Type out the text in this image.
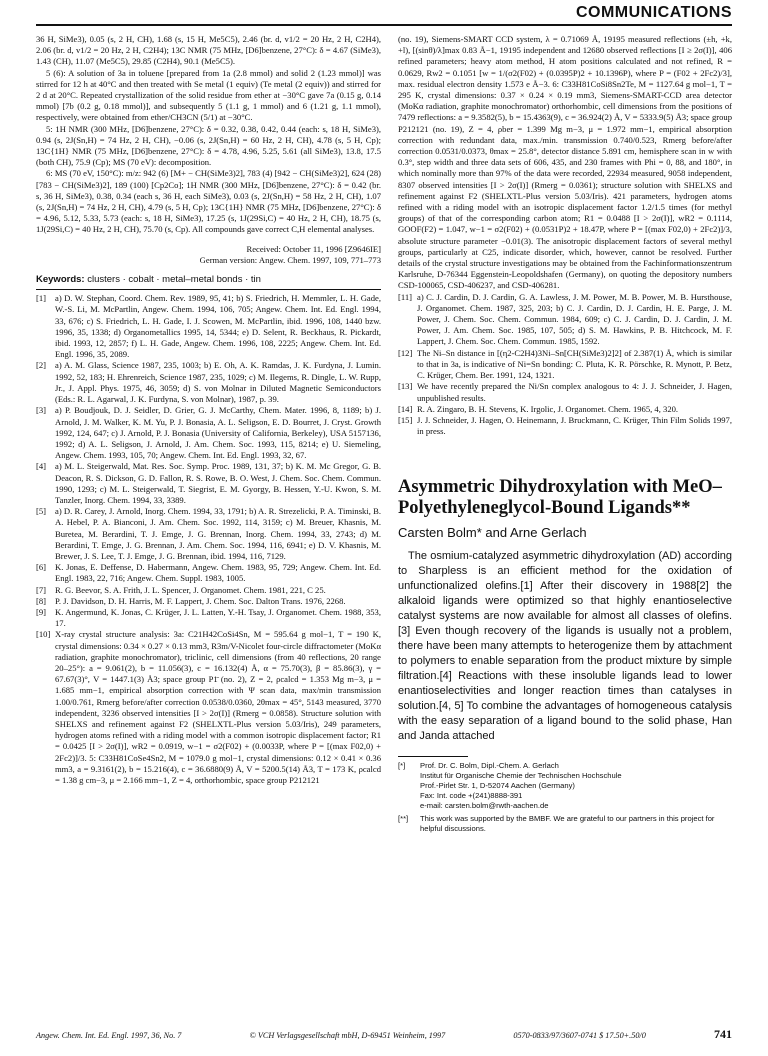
COMMUNICATIONS

36 H, SiMe3), 0.05 (s, 2 H, CH), 1.68 (s, 15 H, Me5C5), 2.46 (br. d, v1/2 = 20 Hz, 2 H, C2H4), 2.06 (br. d, v1/2 = 20 Hz, 2 H, C2H4); 13C NMR (75 MHz, [D6]benzene, 27°C): δ = 4.67 (SiMe3), 1.43 (CH), 11.07 (Me5C5), 29.85 (C2H4), 90.1 (Me5C5).

5 (6): A solution of 3a in toluene [prepared from 1a (2.8 mmol) and solid 2 (1.23 mmol)] was stirred for 12 h at 40°C and then treated with Se metal (1 equiv) (Te metal (2 equiv)) and stirred for 2 d at 20°C. Repeated crystallization of the solid residue from ether at −30°C gave 7a (0.15 g, 0.14 mmol) [7b (0.2 g, 0.18 mmol)], and subsequently 5 (1.1 g, 1 mmol) and 6 (1.21 g, 1.1 mmol), respectively, were obtained from ether/CH3CN (5/1) at −30°C.

5: 1H NMR (300 MHz, [D6]benzene, 27°C): δ = 0.32, 0.38, 0.42, 0.44 (each: s, 18 H, SiMe3), 0.94 (s, 2J(Sn,H) = 74 Hz, 2 H, CH), −0.06 (s, 2J(Sn,H) = 60 Hz, 2 H, CH), 4.78 (s, 5 H, Cp); 13C{1H} NMR (75 MHz, [D6]benzene, 27°C): δ = 4.78, 4.96, 5.25, 5.61 (all SiMe3), 13.8, 17.5 (both CH), 75.9 (Cp); MS (70 eV): decomposition.

6: MS (70 eV, 150°C): m/z: 942 (6) [M+ − CH(SiMe3)2], 783 (4) [942 − CH(SiMe3)2], 624 (28) [783 − CH(SiMe3)2], 189 (100) [Cp2Co]; 1H NMR (300 MHz, [D6]benzene, 27°C): δ = 0.42 (br. s, 36 H, SiMe3), 0.38, 0.34 (each s, 36 H, each SiMe3), 0.03 (s, 2J(Sn,H) = 58 Hz, 2 H, CH), 1.07 (s, 2J(Sn,H) = 74 Hz, 2 H, CH), 4.79 (s, 5 H, Cp); 13C{1H} NMR (75 MHz, [D6]benzene, 27°C): δ = 4.96, 5.12, 5.33, 5.73 (each: s, 18 H, SiMe3), 17.25 (s, 1J(29Si,C) = 40 Hz, 2 H, CH), 18.75 (s, 1J(29Si,C) = 40 Hz, 2 H, CH), 75.70 (s, Cp). All compounds gave correct C,H elemental analyses.

Received: October 11, 1996 [Z9646IE]

German version: Angew. Chem. 1997, 109, 771–773

Keywords: clusters · cobalt · metal–metal bonds · tin
[1] a) D. W. Stephan, Coord. Chem. Rev. 1989, 95, 41; b) S. Friedrich, H. Memmler, L. H. Gade, W.-S. Li, M. McPartlin, Angew. Chem. 1994, 106, 705; Angew. Chem. Int. Ed. Engl. 1994, 33, 676; c) S. Friedrich, L. H. Gade, I. J. Scowen, M. McPartlin, ibid. 1996, 108, 1440 bzw. 1996, 35, 1338; d) Organometallics 1995, 14, 5344; e) D. Selent, R. Beckhaus, R. Pickardt, ibid. 1993, 12, 2857; f) L. H. Gade, Angew. Chem. 1996, 108, 2225; Angew. Chem. Int. Ed. Engl. 1996, 35, 2089.
[2] a) A. M. Glass, Science 1987, 235, 1003; b) E. Oh, A. K. Ramdas, J. K. Furdyna, J. Lumin. 1992, 52, 183; H. Ehrenreich, Science 1987, 235, 1029; c) M. Ilegems, R. Dingle, L. W. Rupp, Jr., J. Appl. Phys. 1975, 46, 3059; d) S. von Molnar in Diluted Magnetic Semiconductors (Eds.: R. L. Agarwal, J. K. Furdyna, S. von Molnar), 1987, p. 39.
[3] a) P. Boudjouk, D. J. Seidler, D. Grier, G. J. McCarthy, Chem. Mater. 1996, 8, 1189; b) J. Arnold, J. M. Walker, K. M. Yu, P. J. Bonasia, A. L. Seligson, E. D. Bourret, J. Cryst. Growth 1992, 124, 647; c) J. Arnold, P. J. Bonasia (University of California, Berkeley), USA 5157136, 1992; d) A. L. Seligson, J. Arnold, J. Am. Chem. Soc. 1993, 115, 8214; e) U. Siemeling, Angew. Chem. 1993, 105, 70; Angew. Chem. Int. Ed. Engl. 1993, 32, 67.
[4] a) M. L. Steigerwald, Mat. Res. Soc. Symp. Proc. 1989, 131, 37; b) K. M. Mc Gregor, G. B. Deacon, R. S. Dickson, G. D. Fallon, R. S. Rowe, B. O. West, J. Chem. Soc. Chem. Commun. 1990, 1293; c) M. L. Steigerwald, T. Siegrist, E. M. Gyorgy, B. Hessen, Y.-U. Kwon, S. M. Tanzler, Inorg. Chem. 1994, 33, 3389.
[5] a) D. R. Carey, J. Arnold, Inorg. Chem. 1994, 33, 1791; b) A. R. Strezelicki, P. A. Timinski, B. A. Hebel, P. A. Bianconi, J. Am. Chem. Soc. 1992, 114, 3159; c) M. Breuer, Khasnis, M. Buretea, M. Berardini, T. J. Emge, J. G. Brennan, Inorg. Chem. 1994, 33, 2743; d) M. Berardini, T. Emge, J. G. Brennan, J. Am. Chem. Soc. 1994, 116, 6941; e) D. V. Khasnis, M. Brewer, J. S. Lee, T. J. Emge, J. G. Brennan, ibid. 1994, 116, 7129.
[6] K. Jonas, E. Deffense, D. Habermann, Angew. Chem. 1983, 95, 729; Angew. Chem. Int. Ed. Engl. 1983, 22, 716; Angew. Chem. Suppl. 1983, 1005.
[7] R. G. Beevor, S. A. Frith, J. L. Spencer, J. Organomet. Chem. 1981, 221, C 25.
[8] P. J. Davidson, D. H. Harris, M. F. Lappert, J. Chem. Soc. Dalton Trans. 1976, 2268.
[9] K. Angermund, K. Jonas, C. Krüger, J. L. Latten, Y.-H. Tsay, J. Organomet. Chem. 1988, 353, 17.
[10] X-ray crystal structure analysis: 3a: C21H42CoSi4Sn, M = 595.64 g mol−1, T = 190 K, crystal dimensions: 0.34 × 0.27 × 0.13 mm3, R3m/V-Nicolet four-circle diffractometer (MoKα radiation, graphite monochromator), triclinic, cell dimensions (from 40 reflections, 20 range 20–25°): a = 9.061(2), b = 11.056(3), c = 16.132(4) Å, α = 75.70(3), β = 85.86(3), γ = 67.67(3)°, V = 1447.1(3) Å3; space group P1̄ (no. 2), Z = 2, ρcalcd = 1.353 Mg m−3, μ = 1.685 mm−1, empirical absorption correction with Ψ scan data, max/min transmission 1.00/0.761, Rmerg before/after correction 0.0538/0.0360, 2θmax = 45°, 5143 measured, 3770 independent, 3236 observed intensities [I > 2σ(I)] (Rmerg = 0.0858). Structure solution with SHELXS and refinement against F2 (SHELXTL-Plus version 5.03/Iris), 249 parameters, hydrogen atoms refined with a riding model with a common isotropic displacement factor; R1 = 0.0425 [I > 2σ(I)], wR2 = 0.0919, w−1 = σ2(F02) + (0.0033P, where P = [(max F02,0) + 2Fc2)]/3. 5: C33H81CoSe4Sn2, M = 1079.0 g mol−1, crystal dimensions: 0.12 × 0.41 × 0.36 mm3, a = 9.3161(2), b = 15.216(4), c = 36.6880(9) Å, V = 5200.5(14) Å3, T = 173 K, ρcalcd = 1.38 g cm−3, μ = 2.166 mm−1, Z = 4, orthorhombic, space group P212121

(no. 19), Siemens-SMART CCD system, λ = 0.71069 Å, 19195 measured reflections (±h, +k, +l), [(sinθ)/λ]max 0.83 Å−1, 19195 independent and 12680 observed reflections [I ≥ 2σ(I)], 406 refined parameters; heavy atom method, H atom positions calculated and not refined, R = 0.0629, Rw2 = 0.1051 [w = 1/(σ2(F02) + (0.0395P)2 + 10.1396P), where P = (F02 + 2Fc2)/3], max. residual electron density 1.573 e Å−3. 6: C33H81CoSi8Sn2Te, M = 1127.64 g mol−1, T = 295 K, crystal dimensions: 0.37 × 0.24 × 0.19 mm3, Siemens-SMART-CCD area detector (MoKα radiation, graphite monochromator) orthorhombic, cell dimensions from the positions of 7479 reflections: a = 9.3582(5), b = 15.4363(9), c = 36.924(2) Å, V = 5333.9(5) Å3; space group P212121 (no. 19), Z = 4, ρber = 1.399 Mg m−3, μ = 1.972 mm−1, empirical absorption correction with redundant data, max./min. transmission 0.740/0.523, Rmerg before/after correction 0.0531/0.0373, θmax = 25.8°, detector distance 5.891 cm, hemisphere scan in w with 0.3°, step width and three data sets of 606, 435, and 230 frames with Phi = 0, 88, and 180°, in which nominally more than 97% of the data were recorded, 22934 measured, 9058 independent, 8307 observed intensities [I > 2σ(I)] (Rmerg = 0.0361); structure solution with SHELXS and refinement against F2 (SHELXTL-Plus version 5.03/Iris). 421 parameters, hydrogen atoms refined with a riding model with an isotropic displacement factor 1.2/1.5 times (for methyl groups) of that of the corresponding carbon atom; R1 = 0.0488 [I > 2σ(I)], wR2 = 0.1114, GOOF(F2) = 1.047, w−1 = σ2(F02) + (0.0531P)2 + 18.47P, where P = [(max F02,0) + 2Fc2)]/3, absolute structure parameter −0.01(3). The anisotropic displacement factors of several methyl groups, particularly at C25, indicate disorder, which, however, cannot be resolved. Further details of the crystal structure investigations may be obtained from the Fachinformationszentrum Karlsruhe, D-76344 Eggenstein-Leopoldshafen (Germany), on quoting the depository numbers CSD-100065, CSD-406237, and CSD-406281.

[11] a) C. J. Cardin, D. J. Cardin, G. A. Lawless, J. M. Power, M. B. Power, M. B. Hursthouse, J. Organomet. Chem. 1987, 325, 203; b) C. J. Cardin, D. J. Cardin, H. E. Parge, J. M. Power, J. Chem. Soc. Chem. Commun. 1984, 609; c) C. J. Cardin, D. J. Cardin, J. M. Power, J. Am. Chem. Soc. 1985, 107, 505; d) S. M. Hawkins, P. B. Hitchcock, M. F. Lappert, J. Chem. Soc. Chem. Commun. 1985, 1592.
[12] The Ni–Sn distance in [(η2-C2H4)3Ni–Sn[CH(SiMe3)2]2] of 2.387(1) Å, which is similar to that in 3a, is indicative of Ni=Sn bonding: C. Pluta, K. R. Pörschke, R. Mynott, P. Betz, C. Krüger, Chem. Ber. 1991, 124, 1321.
[13] We have recently prepared the Ni/Sn complex analogous to 4: J. J. Schneider, J. Hagen, unpublished results.
[14] R. A. Zingaro, B. H. Stevens, K. Irgolic, J. Organomet. Chem. 1965, 4, 320.
[15] J. J. Schneider, J. Hagen, O. Heinemann, J. Bruckmann, C. Krüger, Thin Film Solids 1997, in press.
Asymmetric Dihydroxylation with MeO–Polyethyleneglycol-Bound Ligands**
Carsten Bolm* and Arne Gerlach

The osmium-catalyzed asymmetric dihydroxylation (AD) according to Sharpless is an efficient method for the oxidation of unfunctionalized olefins.[1] After their discovery in 1988[2] the alkaloid ligands were optimized so that highly enantioselective catalyst systems are now available for almost all classes of olefins.[3] Even though recovery of the ligands is usually not a problem, there have been many attempts to heterogenize them by attachment to polymers to enable separation from the product mixture by simple filtration.[4] Reactions with these insoluble ligands lead to lower enantioselectivities and longer reaction times than catalyses in solution.[4, 5] To combine the advantages of homogeneous catalysis with the easy separation of a ligand bound to the solid phase, Han and Janda attached

[*] Prof. Dr. C. Bolm, Dipl.-Chem. A. Gerlach
Institut für Organische Chemie der Technischen Hochschule
Prof.-Pirlet Str. 1, D-52074 Aachen (Germany)
Fax: Int. code +(241)8888-391
e-mail: carsten.bolm@rwth-aachen.de
[**] This work was supported by the BMBF. We are grateful to our partners in this project for helpful discussions.
Angew. Chem. Int. Ed. Engl. 1997, 36, No. 7	© VCH Verlagsgesellschaft mbH, D-69451 Weinheim, 1997	0570-0833/97/3607-0741 $ 17.50+.50/0	741
